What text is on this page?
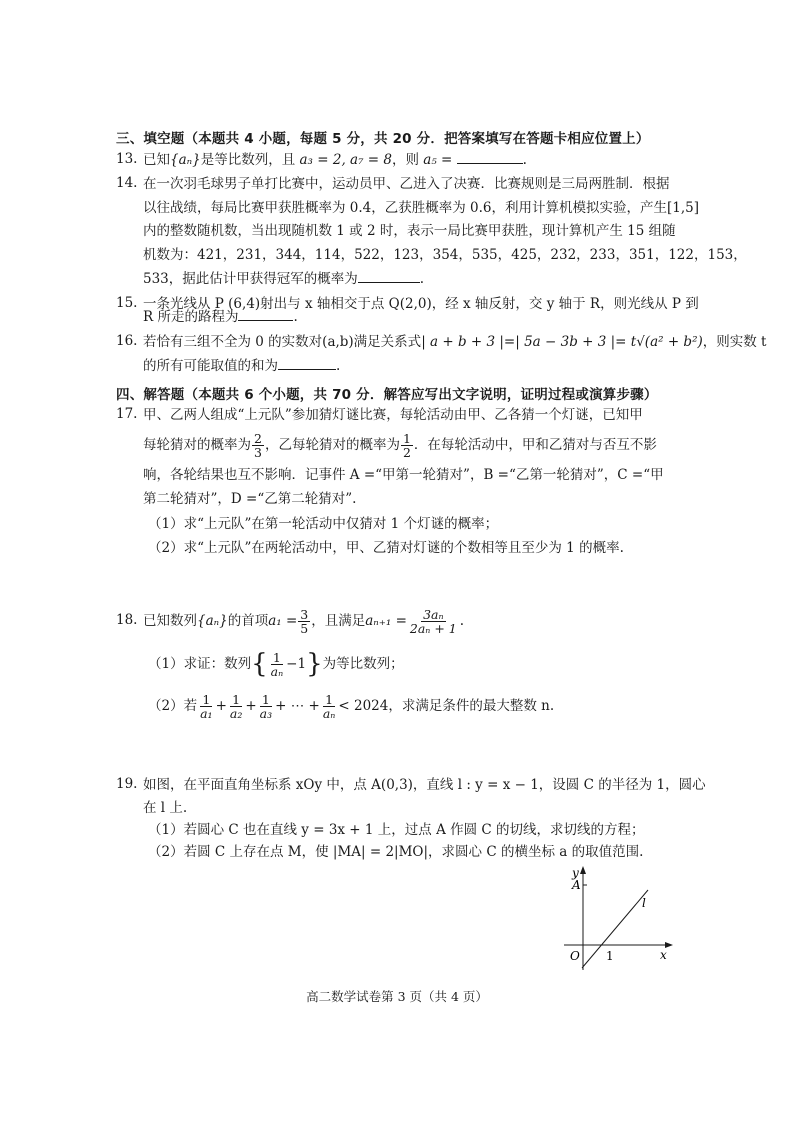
三、填空题（本题共 4 小题，每题 5 分，共 20 分．把答案填写在答题卡相应位置上）
13. 已知{aₙ}是等比数列，且 a₃ = 2, a₇ = 8，则 a₅ =	.
14. 在一次羽毛球男子单打比赛中，运动员甲、乙进入了决赛．比赛规则是三局两胜制．根据
以往战绩，每局比赛甲获胜概率为 0.4，乙获胜概率为 0.6，利用计算机模拟实验，产生[1,5]
内的整数随机数，当出现随机数 1 或 2 时，表示一局比赛甲获胜，现计算机产生 15 组随
机数为：421，231，344，114，522，123，354，535，425，232，233，351，122，153，
533，据此估计甲获得冠军的概率为	.
15. 一条光线从 P (6,4)射出与 x 轴相交于点 Q(2,0)，经 x 轴反射，交 y 轴于 R，则光线从 P 到
R 所走的路程为	.
16. 若恰有三组不全为 0 的实数对(a,b)满足关系式| a + b + 3 |=| 5a − 3b + 3 |= t√(a² + b²)，则实数 t
的所有可能取值的和为	.
四、解答题（本题共 6 个小题，共 70 分．解答应写出文字说明，证明过程或演算步骤）
17. 甲、乙两人组成“上元队”参加猜灯谜比赛，每轮活动由甲、乙各猜一个灯谜，已知甲
每轮猜对的概率为 $\frac{2}{3}$ ，乙每轮猜对的概率为 $\frac{1}{2}$ ．在每轮活动中，甲和乙猜对与否互不影
响，各轮结果也互不影响．记事件 A =“甲第一轮猜对”，B =“乙第一轮猜对”，C =“甲
第二轮猜对”，D =“乙第二轮猜对”.
（1）求“上元队”在第一轮活动中仅猜对 1 个灯谜的概率；
（2）求“上元队”在两轮活动中，甲、乙猜对灯谜的个数相等且至少为 1 的概率.
18. 已知数列 {aₙ} 的首项 $a_1 = \frac{3}{5}$ ，且满足 $a_{n+1} = \frac{\text{3aₙ}}{\text{2aₙ + 1}}$ .
（1）求证：数列 { $\frac{1}{\text{aₙ}} -1$ } 为等比数列；
（2）若 $\frac{1}{\text{a₁}} + \frac{1}{\text{a₂}} + \frac{1}{\text{a₃}}$ + ⋯ + $\frac{1}{\text{aₙ}} < 2024$ ，求满足条件的最大整数 n.
19. 如图，在平面直角坐标系 xOy 中，点 A(0,3)，直线 l : y = x − 1，设圆 C 的半径为 1，圆心
在 l 上.
（1）若圆心 C 也在直线 y = 3x + 1 上，过点 A 作圆 C 的切线，求切线的方程；
（2）若圆 C 上存在点 M，使 |MA| = 2|MO|，求圆心 C 的横坐标 a 的取值范围.
y
x
O
A
1
l
高二数学试卷第 3 页（共 4 页）
